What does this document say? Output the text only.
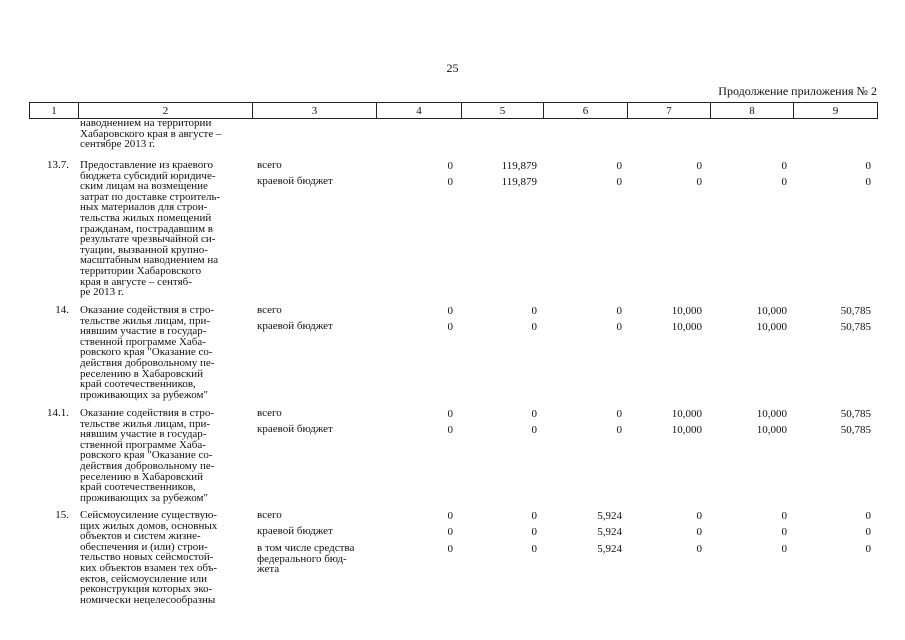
25
Продолжение приложения № 2
1	2	3	4	5	6	7	8	9
наводнением на территории
Хабаровского края в августе –
сентябре 2013 г.
13.7. Предоставление из краевого
бюджета субсидий юридиче-
ским лицам на возмещение
затрат по доставке строитель-
ных материалов для строи-
тельства жилых помещений
гражданам, пострадавшим в
результате чрезвычайной си-
туации, вызванной крупно-
масштабным наводнением на
территории Хабаровского
края в августе – сентяб-
ре 2013 г.
всего	0	119,879	0	0	0	0
краевой бюджет	0	119,879	0	0	0	0
14. Оказание содействия в стро-
тельстве жилья лицам, при-
нявшим участие в государ-
ственной программе Хаба-
ровского края "Оказание со-
действия добровольному пе-
реселению в Хабаровский
край соотечественников,
проживающих за рубежом"
всего	0	0	0	10,000	10,000	50,785
краевой бюджет	0	0	0	10,000	10,000	50,785
14.1. Оказание содействия в стро-
тельстве жилья лицам, при-
нявшим участие в государ-
ственной программе Хаба-
ровского края "Оказание со-
действия добровольному пе-
реселению в Хабаровский
край соотечественников,
проживающих за рубежом"
всего	0	0	0	10,000	10,000	50,785
краевой бюджет	0	0	0	10,000	10,000	50,785
15. Сейсмоусиление существую-
щих жилых домов, основных
объектов и систем жизне-
обеспечения и (или) строи-
тельство новых сейсмостой-
ких объектов взамен тех объ-
ектов, сейсмоусиление или
реконструкция которых эко-
номически нецелесообразны
всего	0	0	5,924	0	0	0
краевой бюджет	0	0	5,924	0	0	0
в том числе средства
федерального бюд-
жета
0	0	5,924	0	0	0
